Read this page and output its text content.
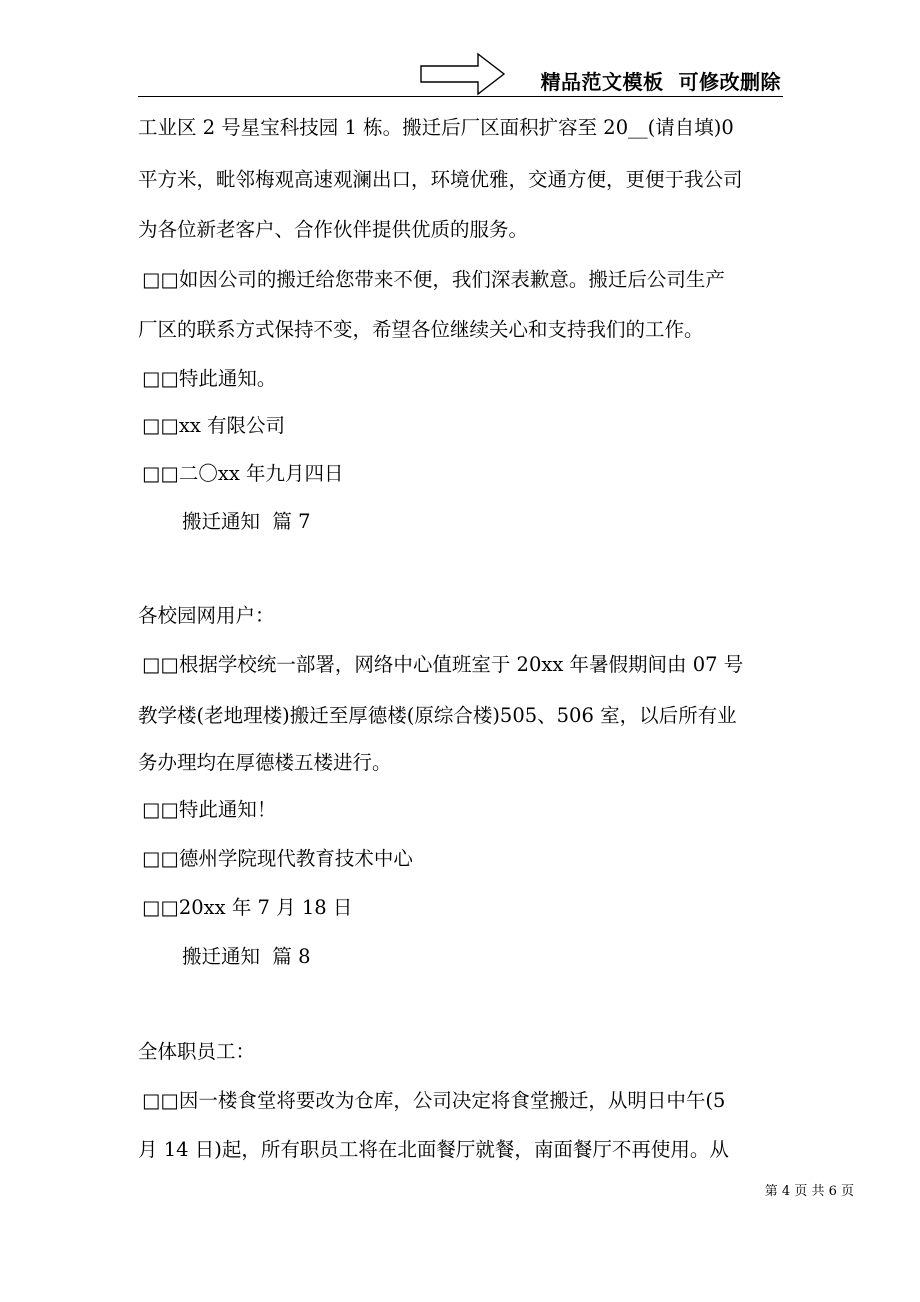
精品范文模板  可修改删除
工业区 2 号星宝科技园 1 栋。搬迁后厂区面积扩容至 20__(请自填)0
平方米，毗邻梅观高速观澜出口，环境优雅，交通方便，更便于我公司
为各位新老客户、合作伙伴提供优质的服务。
□□如因公司的搬迁给您带来不便，我们深表歉意。搬迁后公司生产
厂区的联系方式保持不变，希望各位继续关心和支持我们的工作。
□□特此通知。
□□xx 有限公司
□□二〇xx 年九月四日
搬迁通知  篇 7
各校园网用户：
□□根据学校统一部署，网络中心值班室于 20xx 年暑假期间由 07 号
教学楼(老地理楼)搬迁至厚德楼(原综合楼)505、506 室，以后所有业
务办理均在厚德楼五楼进行。
□□特此通知！
□□德州学院现代教育技术中心
□□20xx 年 7 月 18 日
搬迁通知  篇 8
全体职员工：
□□因一楼食堂将要改为仓库，公司决定将食堂搬迁，从明日中午(5
月 14 日)起，所有职员工将在北面餐厅就餐，南面餐厅不再使用。从
第 4 页 共 6 页
